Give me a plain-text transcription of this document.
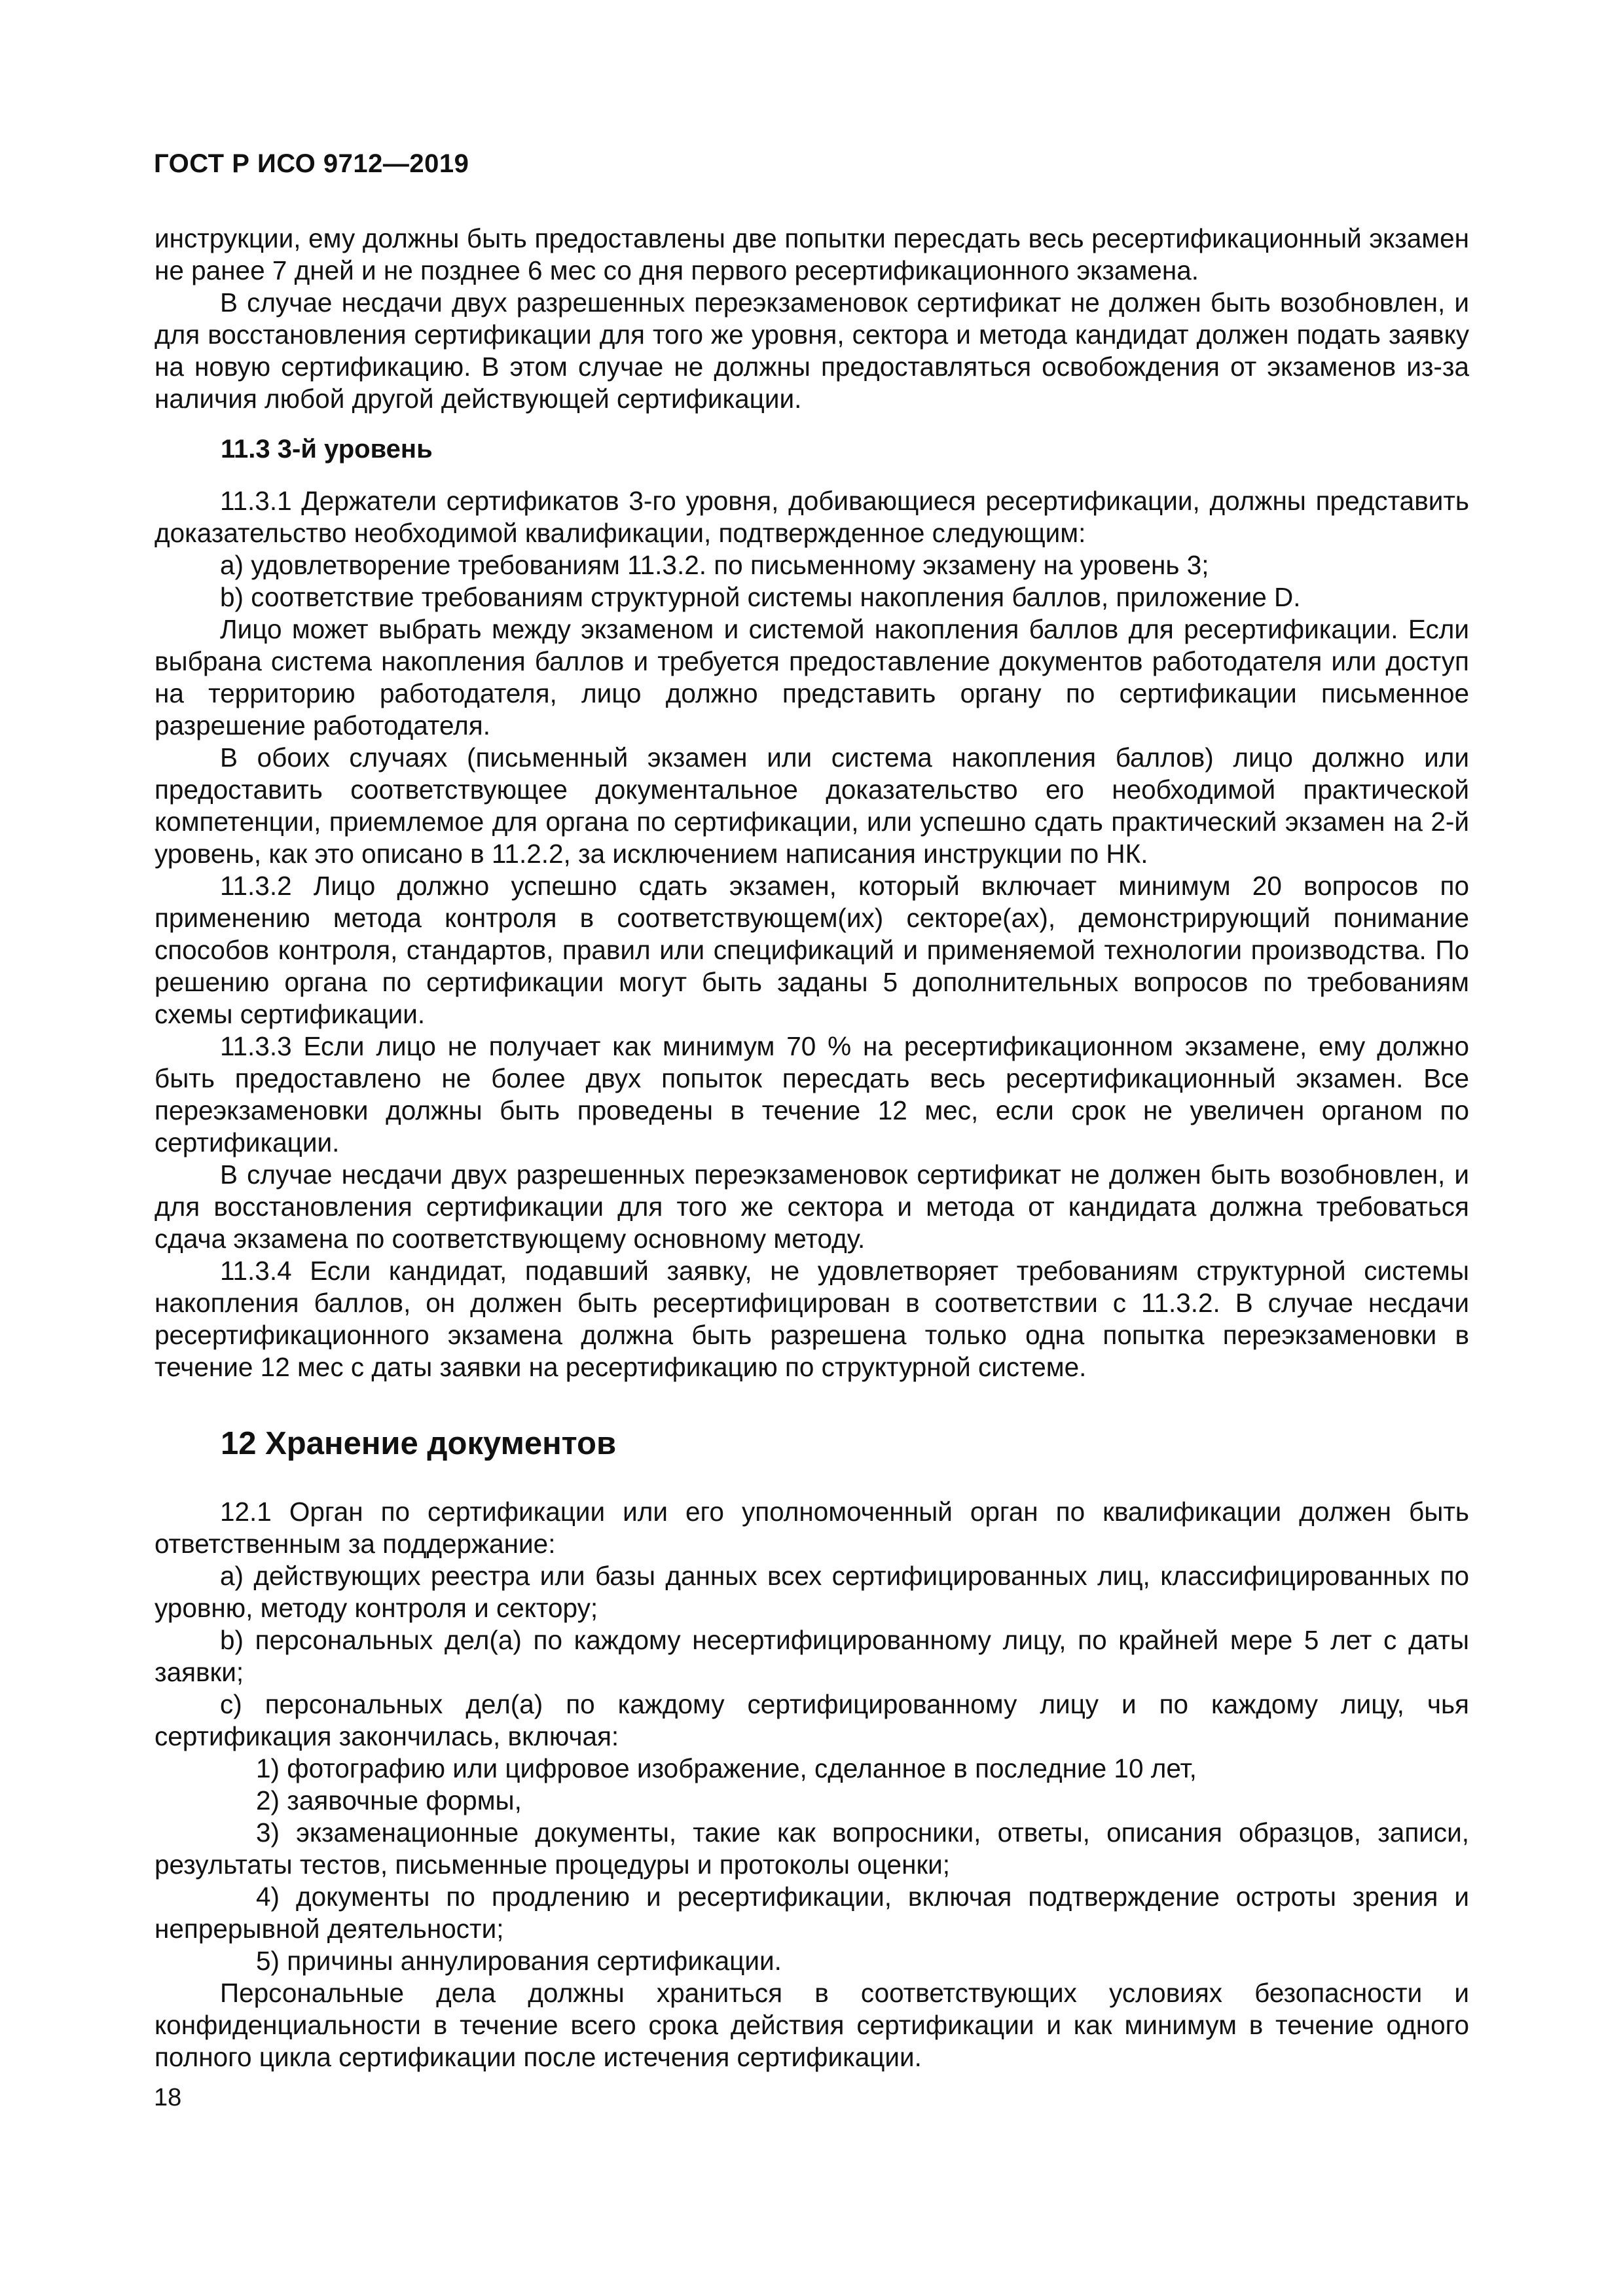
ГОСТ Р ИСО 9712—2019

инструкции, ему должны быть предоставлены две попытки пересдать весь ресертификационный экзамен не ранее 7 дней и не позднее 6 мес со дня первого ресертификационного экзамена.

В случае несдачи двух разрешенных переэкзаменовок сертификат не должен быть возобновлен, и для восстановления сертификации для того же уровня, сектора и метода кандидат должен подать заявку на новую сертификацию. В этом случае не должны предоставляться освобождения от экзаменов из-за наличия любой другой действующей сертификации.

11.3 3-й уровень

11.3.1 Держатели сертификатов 3-го уровня, добивающиеся ресертификации, должны представить доказательство необходимой квалификации, подтвержденное следующим:

a) удовлетворение требованиям 11.3.2. по письменному экзамену на уровень 3;

b) соответствие требованиям структурной системы накопления баллов, приложение D.

Лицо может выбрать между экзаменом и системой накопления баллов для ресертификации. Если выбрана система накопления баллов и требуется предоставление документов работодателя или доступ на территорию работодателя, лицо должно представить органу по сертификации письменное разрешение работодателя.

В обоих случаях (письменный экзамен или система накопления баллов) лицо должно или предоставить соответствующее документальное доказательство его необходимой практической компетенции, приемлемое для органа по сертификации, или успешно сдать практический экзамен на 2-й уровень, как это описано в 11.2.2, за исключением написания инструкции по НК.

11.3.2 Лицо должно успешно сдать экзамен, который включает минимум 20 вопросов по применению метода контроля в соответствующем(их) секторе(ах), демонстрирующий понимание способов контроля, стандартов, правил или спецификаций и применяемой технологии производства. По решению органа по сертификации могут быть заданы 5 дополнительных вопросов по требованиям схемы сертификации.

11.3.3 Если лицо не получает как минимум 70 % на ресертификационном экзамене, ему должно быть предоставлено не более двух попыток пересдать весь ресертификационный экзамен. Все переэкзаменовки должны быть проведены в течение 12 мес, если срок не увеличен органом по сертификации.

В случае несдачи двух разрешенных переэкзаменовок сертификат не должен быть возобновлен, и для восстановления сертификации для того же сектора и метода от кандидата должна требоваться сдача экзамена по соответствующему основному методу.

11.3.4 Если кандидат, подавший заявку, не удовлетворяет требованиям структурной системы накопления баллов, он должен быть ресертифицирован в соответствии с 11.3.2. В случае несдачи ресертификационного экзамена должна быть разрешена только одна попытка переэкзаменовки в течение 12 мес с даты заявки на ресертификацию по структурной системе.

12 Хранение документов

12.1 Орган по сертификации или его уполномоченный орган по квалификации должен быть ответственным за поддержание:

a) действующих реестра или базы данных всех сертифицированных лиц, классифицированных по уровню, методу контроля и сектору;

b) персональных дел(а) по каждому несертифицированному лицу, по крайней мере 5 лет с даты заявки;

c) персональных дел(а) по каждому сертифицированному лицу и по каждому лицу, чья сертификация закончилась, включая:

1) фотографию или цифровое изображение, сделанное в последние 10 лет,

2) заявочные формы,

3) экзаменационные документы, такие как вопросники, ответы, описания образцов, записи, результаты тестов, письменные процедуры и протоколы оценки;

4) документы по продлению и ресертификации, включая подтверждение остроты зрения и непрерывной деятельности;

5) причины аннулирования сертификации.

Персональные дела должны храниться в соответствующих условиях безопасности и конфиденциальности в течение всего срока действия сертификации и как минимум в течение одного полного цикла сертификации после истечения сертификации.

18
